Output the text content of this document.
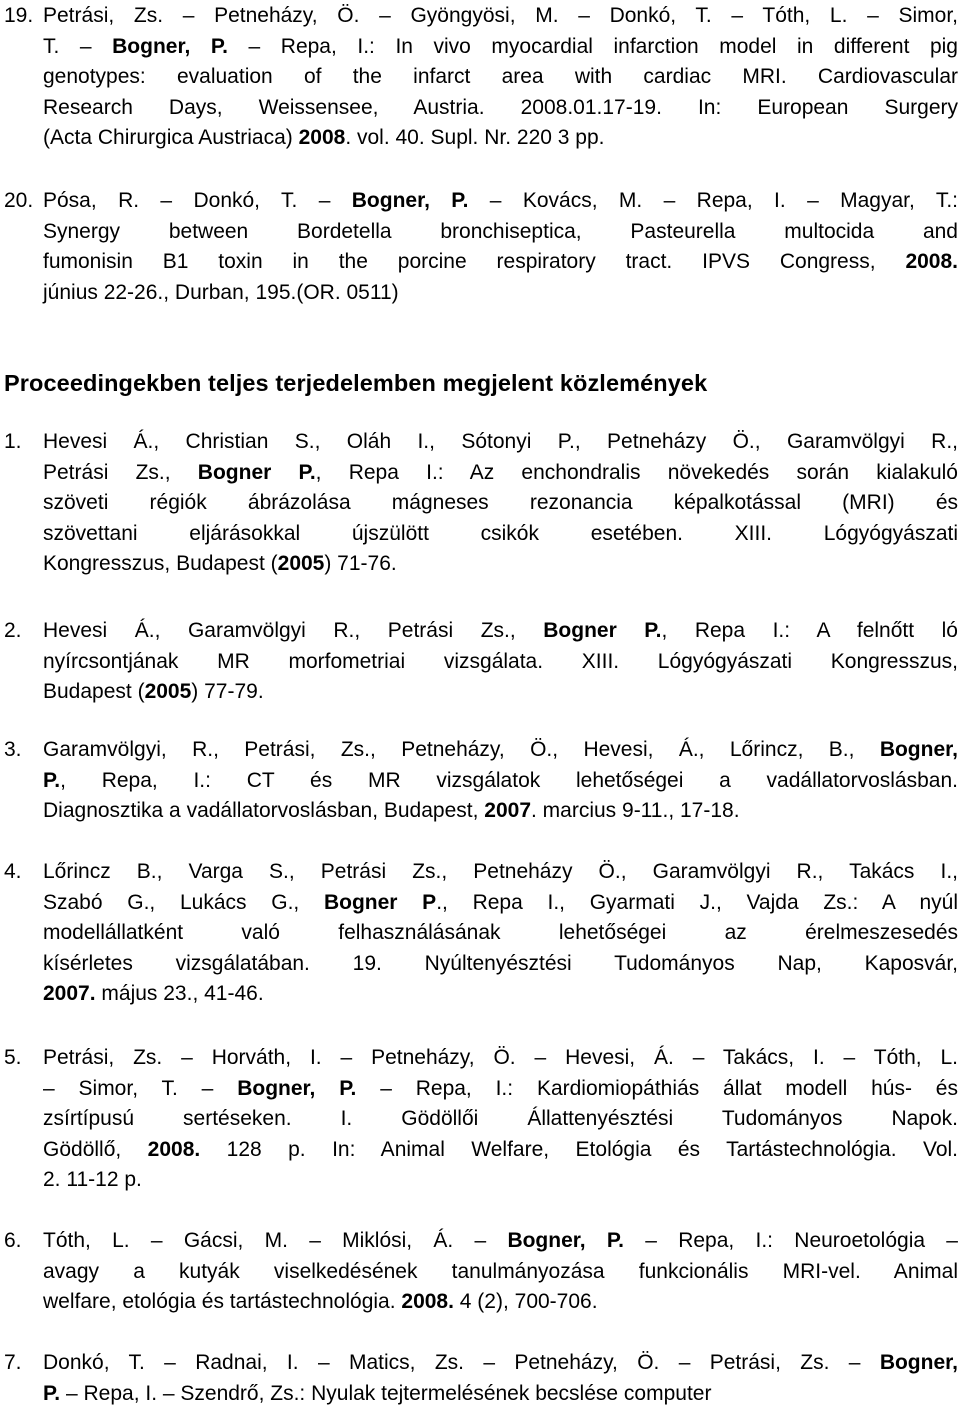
19. Petrási, Zs. – Petneházy, Ö. – Gyöngyösi, M. – Donkó, T. – Tóth, L. – Simor,
T. – Bogner, P. – Repa, I.: In vivo myocardial infarction model in different pig
genotypes: evaluation of the infarct area with cardiac MRI. Cardiovascular
Research Days, Weissensee, Austria. 2008.01.17-19. In: European Surgery
(Acta Chirurgica Austriaca) 2008. vol. 40. Supl. Nr. 220 3 pp.
20. Pósa, R. – Donkó, T. – Bogner, P. – Kovács, M. – Repa, I. – Magyar, T.:
Synergy between Bordetella bronchiseptica, Pasteurella multocida and
fumonisin B1 toxin in the porcine respiratory tract. IPVS Congress, 2008.
június 22-26., Durban, 195.(OR. 0511)
1. Hevesi Á., Christian S., Oláh I., Sótonyi P., Petneházy Ö., Garamvölgyi R.,
Petrási Zs., Bogner P., Repa I.: Az enchondralis növekedés során kialakuló
szöveti régiók ábrázolása mágneses rezonancia képalkotással (MRI) és
szövettani eljárásokkal újszülött csikók esetében. XIII. Lógyógyászati
Kongresszus, Budapest (2005) 71-76.
2. Hevesi Á., Garamvölgyi R., Petrási Zs., Bogner P., Repa I.: A felnőtt ló
nyírcsontjának MR morfometriai vizsgálata. XIII. Lógyógyászati Kongresszus,
Budapest (2005) 77-79.
3. Garamvölgyi, R., Petrási, Zs., Petneházy, Ö., Hevesi, Á., Lőrincz, B., Bogner,
P., Repa, I.: CT és MR vizsgálatok lehetőségei a vadállatorvoslásban.
Diagnosztika a vadállatorvoslásban, Budapest, 2007. marcius 9-11., 17-18.
4. Lőrincz B., Varga S., Petrási Zs., Petneházy Ö., Garamvölgyi R., Takács I.,
Szabó G., Lukács G., Bogner P., Repa I., Gyarmati J., Vajda Zs.: A nyúl
modellállatként való felhasználásának lehetőségei az érelmeszesedés
kísérletes vizsgálatában. 19. Nyúltenyésztési Tudományos Nap, Kaposvár,
2007. május 23., 41-46.
5. Petrási, Zs. – Horváth, I. – Petneházy, Ö. – Hevesi, Á. – Takács, I. – Tóth, L.
– Simor, T. – Bogner, P. – Repa, I.: Kardiomiopáthiás állat modell hús- és
zsírtípusú sertéseken. I. Gödöllői Állattenyésztési Tudományos Napok.
Gödöllő, 2008. 128 p. In: Animal Welfare, Etológia és Tartástechnológia. Vol.
2. 11-12 p.
6. Tóth, L. – Gácsi, M. – Miklósi, Á. – Bogner, P. – Repa, I.: Neuroetológia –
avagy a kutyák viselkedésének tanulmányozása funkcionális MRI-vel. Animal
welfare, etológia és tartástechnológia. 2008. 4 (2), 700-706.
7. Donkó, T. – Radnai, I. – Matics, Zs. – Petneházy, Ö. – Petrási, Zs. – Bogner,
P. – Repa, I. – Szendrő, Zs.: Nyulak tejtermelésének becslése computer
Proceedingekben teljes terjedelemben megjelent közlemények
